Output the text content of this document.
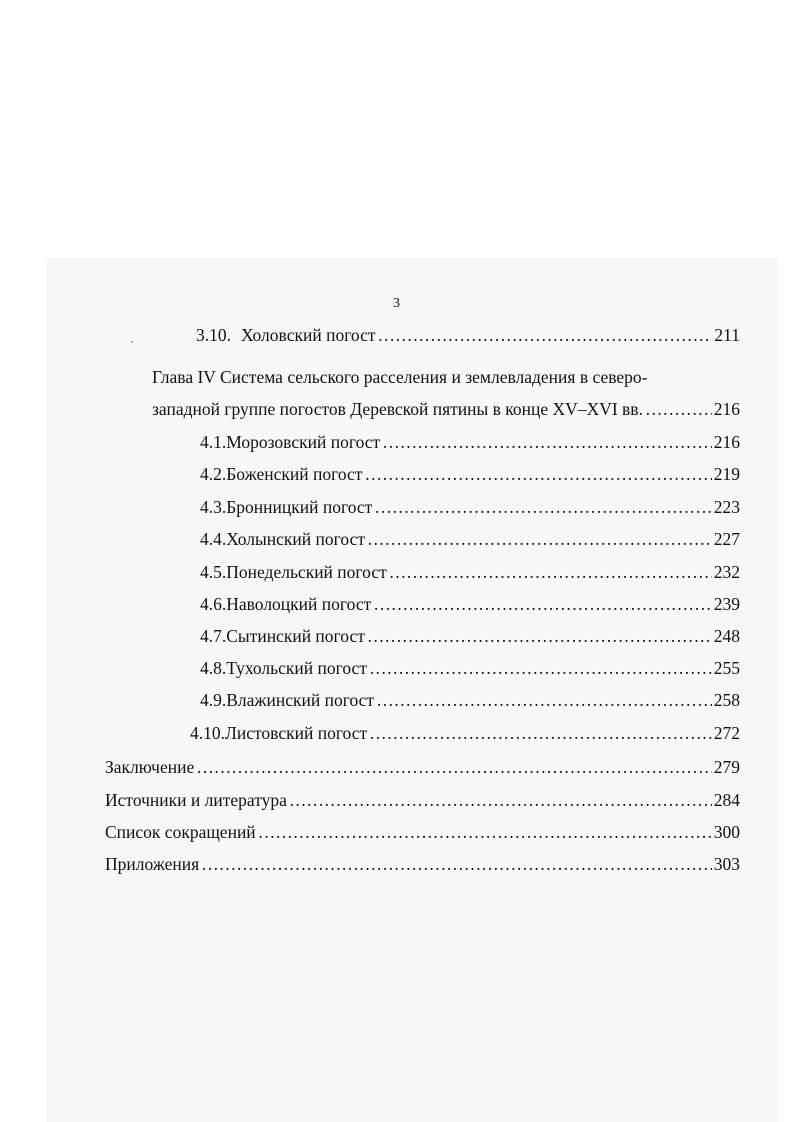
3
3.10. Холовский погост ……………………………………………………………………………………………………………………………………………………	211
Глава IV Система сельского расселения и землевладения в северо-
западной группе погостов Деревской пятины в конце XV–XVI вв. ……………………………………………………………………………………	216
4.1. Морозовский погост ……………………………………………………………………………………………………………………………………………………	216
4.2. Боженский погост ……………………………………………………………………………………………………………………………………………………	219
4.3. Бронницкий погост ……………………………………………………………………………………………………………………………………………………	223
4.4. Холынский погост ……………………………………………………………………………………………………………………………………………………	227
4.5. Понедельский погост ……………………………………………………………………………………………………………………………………………………	232
4.6. Наволоцкий погост ……………………………………………………………………………………………………………………………………………………	239
4.7. Сытинский погост ……………………………………………………………………………………………………………………………………………………	248
4.8. Тухольский погост ……………………………………………………………………………………………………………………………………………………	255
4.9. Влажинский погост ……………………………………………………………………………………………………………………………………………………	258
4.10. Листовский погост ……………………………………………………………………………………………………………………………………………………	272
Заключение ……………………………………………………………………………………………………………………………………………………	279
Источники и литература ……………………………………………………………………………………………………………………………………………………	284
Список сокращений ……………………………………………………………………………………………………………………………………………………	300
Приложения ……………………………………………………………………………………………………………………………………………………	303
